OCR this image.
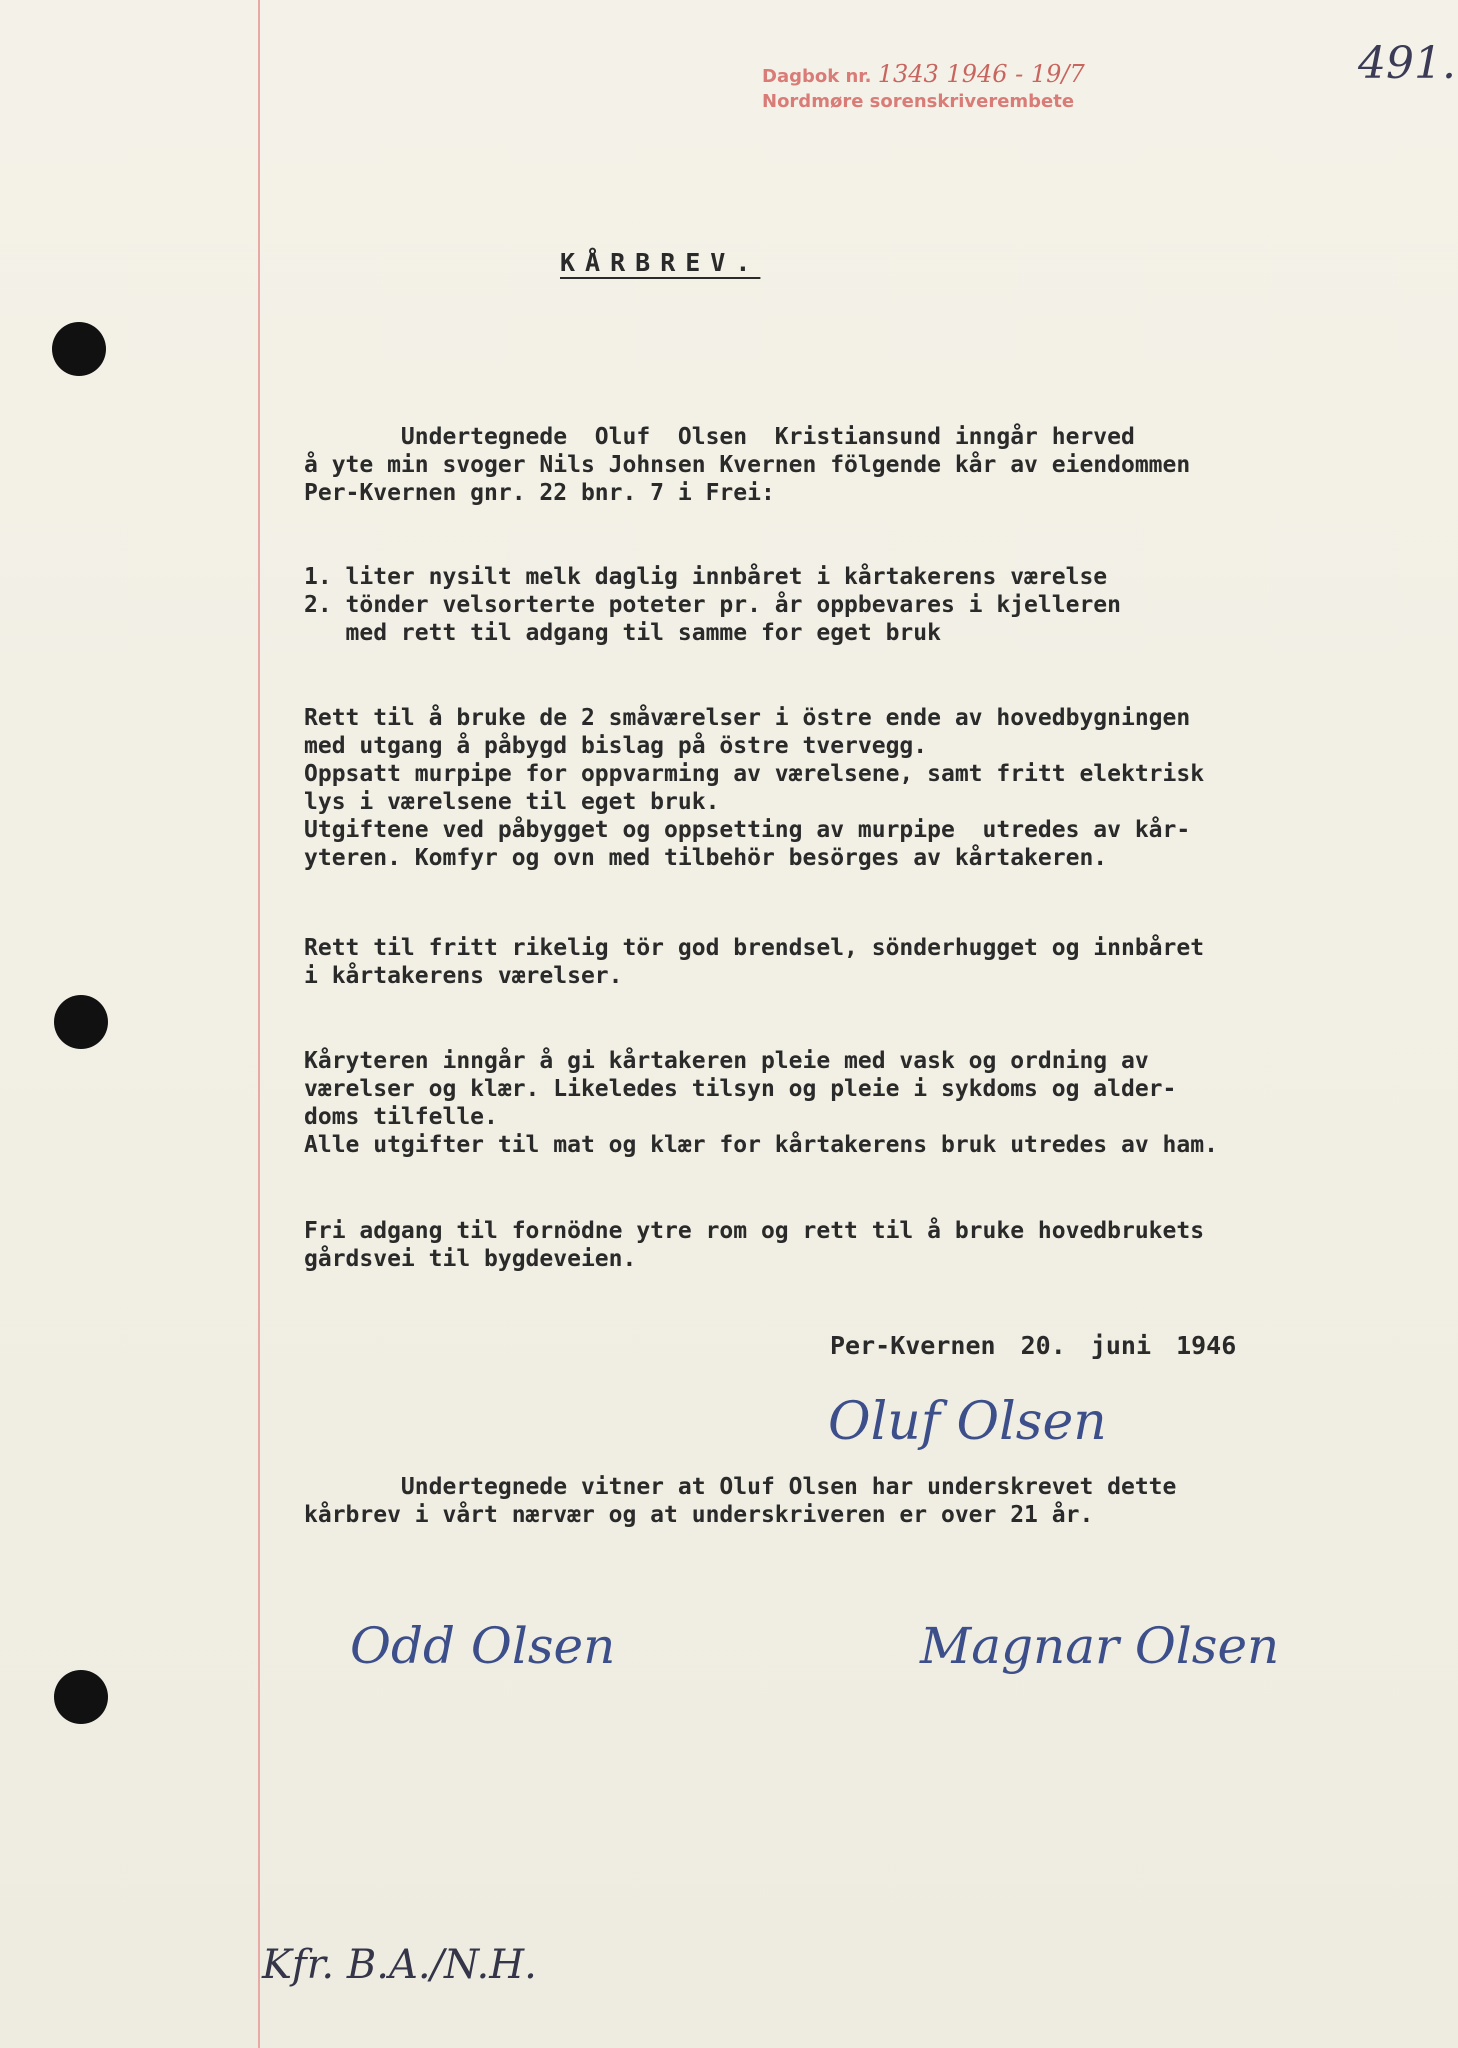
Dagbok nr. 1343 1946 - 19/7
Nordmøre sorenskriverembete
491.
KÅRBREV.
Undertegnede  Oluf  Olsen  Kristiansund inngår herved
å yte min svoger Nils Johnsen Kvernen fölgende kår av eiendommen
Per-Kvernen gnr. 22 bnr. 7 i Frei:
1. liter nysilt melk daglig innbåret i kårtakerens værelse
2. tönder velsorterte poteter pr. år oppbevares i kjelleren
med rett til adgang til samme for eget bruk
Rett til å bruke de 2 småværelser i östre ende av hovedbygningen
med utgang å påbygd bislag på östre tvervegg.
Oppsatt murpipe for oppvarming av værelsene, samt fritt elektrisk
lys i værelsene til eget bruk.
Utgiftene ved påbygget og oppsetting av murpipe  utredes av kår-
yteren. Komfyr og ovn med tilbehör besörges av kårtakeren.
Rett til fritt rikelig tör god brendsel, sönderhugget og innbåret
i kårtakerens værelser.
Kåryteren inngår å gi kårtakeren pleie med vask og ordning av
værelser og klær. Likeledes tilsyn og pleie i sykdoms og alder-
doms tilfelle.
Alle utgifter til mat og klær for kårtakerens bruk utredes av ham.
Fri adgang til fornödne ytre rom og rett til å bruke hovedbrukets
gårdsvei til bygdeveien.
Per-Kvernen 20. juni 1946
Oluf Olsen
Undertegnede vitner at Oluf Olsen har underskrevet dette
kårbrev i vårt nærvær og at underskriveren er over 21 år.
Odd Olsen	Magnar Olsen
Kfr. B.A./N.H.
